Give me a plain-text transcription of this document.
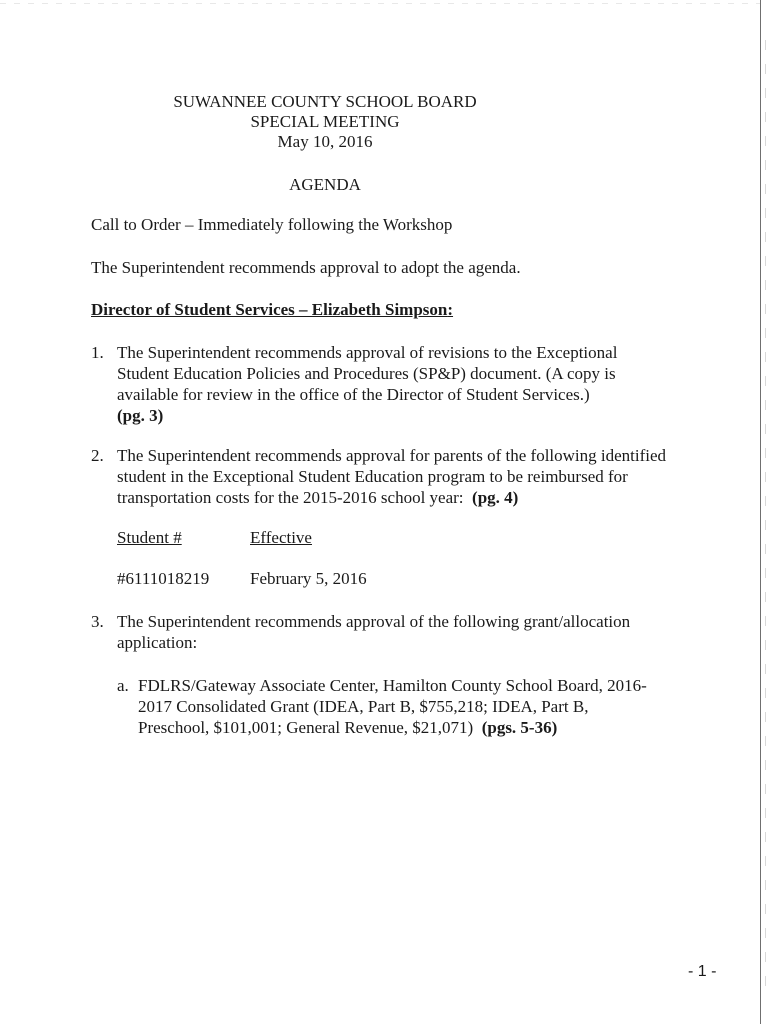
SUWANNEE COUNTY SCHOOL BOARD
SPECIAL MEETING
May 10, 2016
AGENDA
Call to Order – Immediately following the Workshop
The Superintendent recommends approval to adopt the agenda.
Director of Student Services – Elizabeth Simpson:
1. The Superintendent recommends approval of revisions to the Exceptional Student Education Policies and Procedures (SP&P) document. (A copy is available for review in the office of the Director of Student Services.)
(pg. 3)
2. The Superintendent recommends approval for parents of the following identified student in the Exceptional Student Education program to be reimbursed for transportation costs for the 2015-2016 school year: (pg. 4)
Student #	Effective
#6111018219 February 5, 2016
3. The Superintendent recommends approval of the following grant/allocation application:
a. FDLRS/Gateway Associate Center, Hamilton County School Board, 2016-2017 Consolidated Grant (IDEA, Part B, $755,218; IDEA, Part B, Preschool, $101,001; General Revenue, $21,071) (pgs. 5-36)
- 1 -
